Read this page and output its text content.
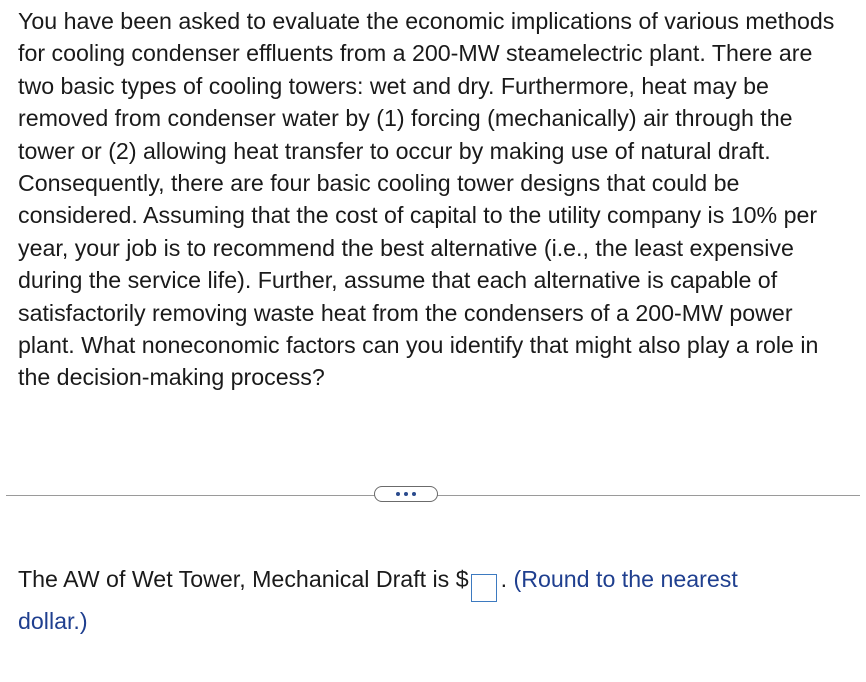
You have been asked to evaluate the economic implications of various methods for cooling condenser effluents from a 200-MW steamelectric plant. There are two basic types of cooling towers: wet and dry. Furthermore, heat may be removed from condenser water by (1) forcing (mechanically) air through the tower or (2) allowing heat transfer to occur by making use of natural draft. Consequently, there are four basic cooling tower designs that could be considered. Assuming that the cost of capital to the utility company is 10% per year, your job is to recommend the best alternative (i.e., the least expensive during the service life). Further, assume that each alternative is capable of satisfactorily removing waste heat from the condensers of a 200-MW power plant. What noneconomic factors can you identify that might also play a role in the decision-making process?

The AW of Wet Tower, Mechanical Draft is $ . (Round to the nearest
dollar.)
